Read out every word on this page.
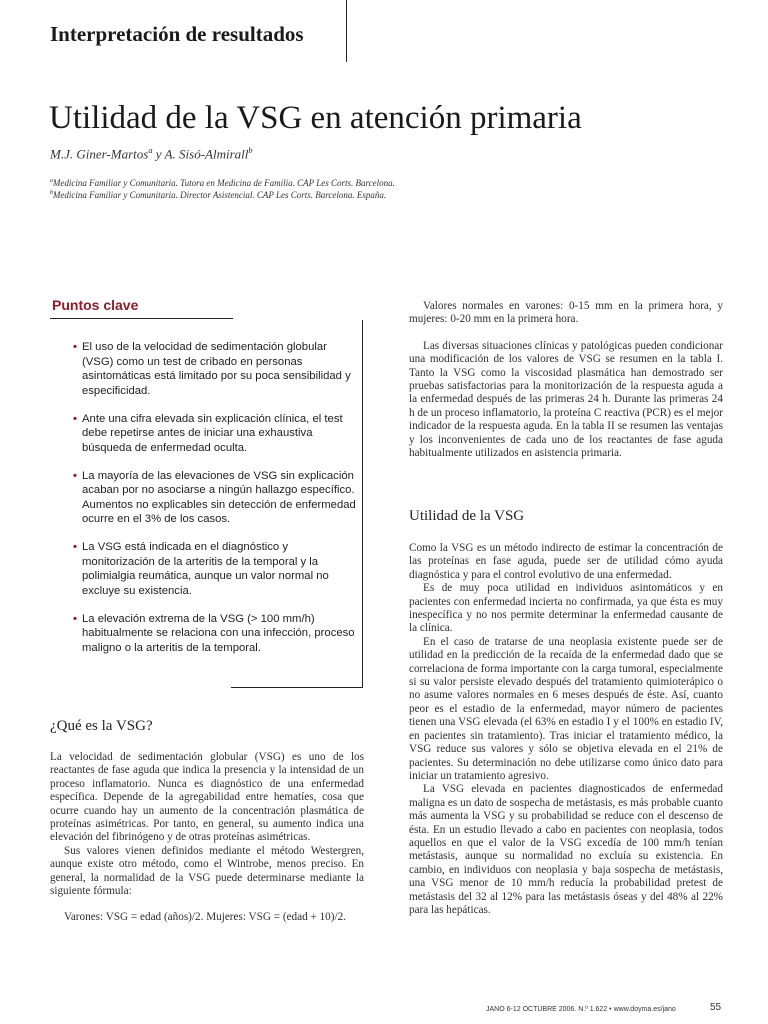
Interpretación de resultados
Utilidad de la VSG en atención primaria
M.J. Giner-Martos$^a$ y A. Sisó-Almirall$^b$
$^a$Medicina Familiar y Comunitaria. Tutora en Medicina de Familia. CAP Les Corts. Barcelona.
$^b$Medicina Familiar y Comunitaria. Director Asistencial. CAP Les Corts. Barcelona. España.
Puntos clave
• El uso de la velocidad de sedimentación globular (VSG) como un test de cribado en personas asintomáticas está limitado por su poca sensibilidad y especificidad.
• Ante una cifra elevada sin explicación clínica, el test debe repetirse antes de iniciar una exhaustiva búsqueda de enfermedad oculta.
• La mayoría de las elevaciones de VSG sin explicación acaban por no asociarse a ningún hallazgo específico. Aumentos no explicables sin detección de enfermedad ocurre en el 3% de los casos.
• La VSG está indicada en el diagnóstico y monitorización de la arteritis de la temporal y la polimialgia reumática, aunque un valor normal no excluye su existencia.
• La elevación extrema de la VSG (> 100 mm/h) habitualmente se relaciona con una infección, proceso maligno o la arteritis de la temporal.
¿Qué es la VSG?

La velocidad de sedimentación globular (VSG) es uno de los reactantes de fase aguda que indica la presencia y la intensidad de un proceso inflamatorio. Nunca es diagnóstico de una enfermedad específica. Depende de la agregabilidad entre hematíes, cosa que ocurre cuando hay un aumento de la concentración plasmática de proteínas asimétricas. Por tanto, en general, su aumento indica una elevación del fibrinógeno y de otras proteínas asimétricas.

Sus valores vienen definidos mediante el método Westergren, aunque existe otro método, como el Wintrobe, menos preciso. En general, la normalidad de la VSG puede determinarse mediante la siguiente fórmula:

Varones: VSG = edad (años)/2. Mujeres: VSG = (edad + 10)/2.

Valores normales en varones: 0-15 mm en la primera hora, y mujeres: 0-20 mm en la primera hora.

Las diversas situaciones clínicas y patológicas pueden condicionar una modificación de los valores de VSG se resumen en la tabla I. Tanto la VSG como la viscosidad plasmática han demostrado ser pruebas satisfactorias para la monitorización de la respuesta aguda a la enfermedad después de las primeras 24 h. Durante las primeras 24 h de un proceso inflamatorio, la proteína C reactiva (PCR) es el mejor indicador de la respuesta aguda. En la tabla II se resumen las ventajas y los inconvenientes de cada uno de los reactantes de fase aguda habitualmente utilizados en asistencia primaria.

Utilidad de la VSG

Como la VSG es un método indirecto de estimar la concentración de las proteínas en fase aguda, puede ser de utilidad cómo ayuda diagnóstica y para el control evolutivo de una enfermedad.

Es de muy poca utilidad en individuos asintomáticos y en pacientes con enfermedad incierta no confirmada, ya que ésta es muy inespecífica y no nos permite determinar la enfermedad causante de la clínica.

En el caso de tratarse de una neoplasia existente puede ser de utilidad en la predicción de la recaída de la enfermedad dado que se correlaciona de forma importante con la carga tumoral, especialmente si su valor persiste elevado después del tratamiento quimioterápico o no asume valores normales en 6 meses después de éste. Así, cuanto peor es el estadio de la enfermedad, mayor número de pacientes tienen una VSG elevada (el 63% en estadio I y el 100% en estadio IV, en pacientes sin tratamiento). Tras iniciar el tratamiento médico, la VSG reduce sus valores y sólo se objetiva elevada en el 21% de pacientes. Su determinación no debe utilizarse como único dato para iniciar un tratamiento agresivo.

La VSG elevada en pacientes diagnosticados de enfermedad maligna es un dato de sospecha de metástasis, es más probable cuanto más aumenta la VSG y su probabilidad se reduce con el descenso de ésta. En un estudio llevado a cabo en pacientes con neoplasia, todos aquellos en que el valor de la VSG excedía de 100 mm/h tenían metástasis, aunque su normalidad no excluía su existencia. En cambio, en individuos con neoplasia y baja sospecha de metástasis, una VSG menor de 10 mm/h reducía la probabilidad pretest de metástasis del 32 al 12% para las metástasis óseas y del 48% al 22% para las hepáticas.

JANO 6-12 OCTUBRE 2006. N.º 1.622 • www.doyma.es/jano	55
